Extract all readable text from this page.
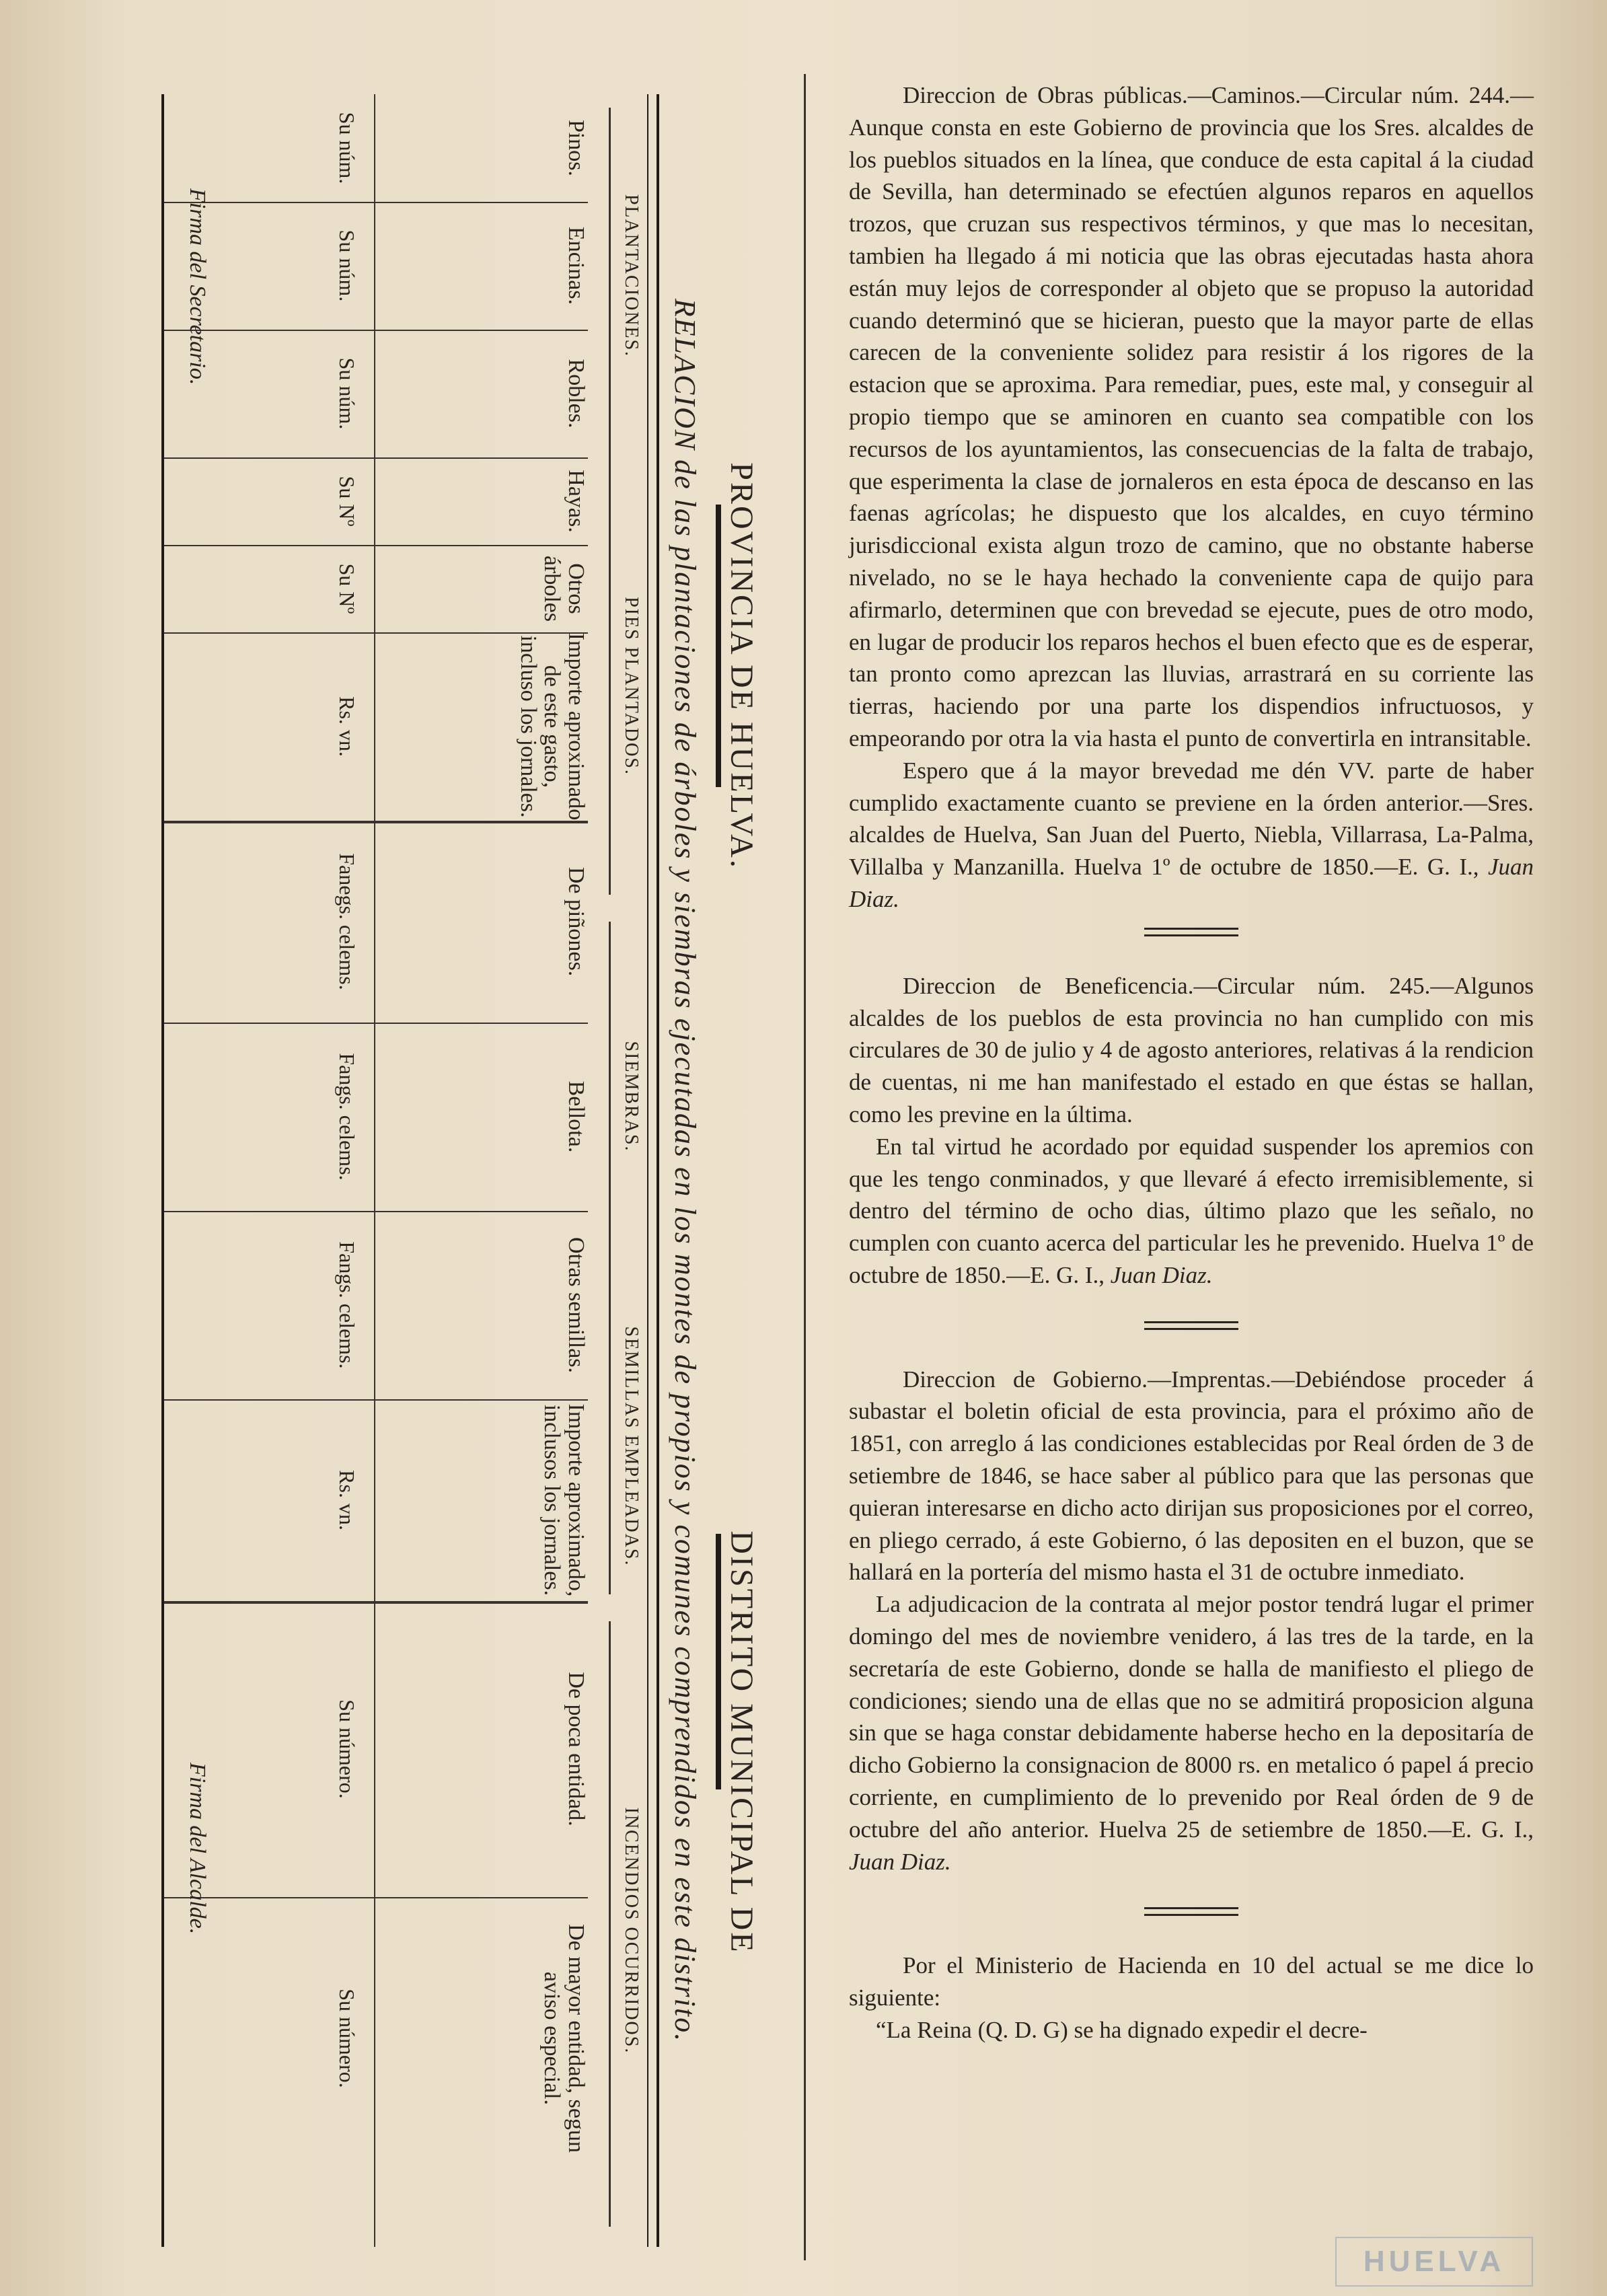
PROVINCIA DE HUELVA.
DISTRITO MUNICIPAL DE
RELACION de las plantaciones de árboles y siembras ejecutadas en los montes de propios y comunes comprendidos en este distrito.
PLANTACIONES.
PIES PLANTADOS.
SIEMBRAS.
SEMILLAS EMPLEADAS.
INCENDIOS OCURRIDOS.
Pinos.
Su núm.
Encinas.
Su núm.
Robles.
Su núm.
Hayas.
Su Nº
Otros árboles
Su Nº
Importe aproximado de este gasto, incluso los jornales.
Rs. vn.
De piñones.
Fanegs. celems.
Bellota.
Fangs. celems.
Otras semillas.
Fangs. celems.
Importe aproximado, inclusos los jornales.
Rs. vn.
De poca entidad.
Su número.
De mayor entidad, segun aviso especial.
Su número.
Firma del Secretario.
Firma del Alcalde.

Direccion de Obras públicas.—Caminos.—Circular núm. 244.—Aunque consta en este Gobierno de provincia que los Sres. alcaldes de los pueblos situados en la línea, que conduce de esta capital á la ciudad de Sevilla, han determinado se efectúen algunos reparos en aquellos trozos, que cruzan sus respectivos términos, y que mas lo necesitan, tambien ha llegado á mi noticia que las obras ejecutadas hasta ahora están muy lejos de corresponder al objeto que se propuso la autoridad cuando determinó que se hicieran, puesto que la mayor parte de ellas carecen de la conveniente solidez para resistir á los rigores de la estacion que se aproxima. Para remediar, pues, este mal, y conseguir al propio tiempo que se aminoren en cuanto sea compatible con los recursos de los ayuntamientos, las consecuencias de la falta de trabajo, que esperimenta la clase de jornaleros en esta época de descanso en las faenas agrícolas; he dispuesto que los alcaldes, en cuyo término jurisdiccional exista algun trozo de camino, que no obstante haberse nivelado, no se le haya hechado la conveniente capa de quijo para afirmarlo, determinen que con brevedad se ejecute, pues de otro modo, en lugar de producir los reparos hechos el buen efecto que es de esperar, tan pronto como aprezcan las lluvias, arrastrará en su corriente las tierras, haciendo por una parte los dispendios infructuosos, y empeorando por otra la via hasta el punto de convertirla en intransitable.

Espero que á la mayor brevedad me dén VV. parte de haber cumplido exactamente cuanto se previene en la órden anterior.—Sres. alcaldes de Huelva, San Juan del Puerto, Niebla, Villarrasa, La-Palma, Villalba y Manzanilla. Huelva 1º de octubre de 1850.—E. G. I., Juan Diaz.

Direccion de Beneficencia.—Circular núm. 245.—Algunos alcaldes de los pueblos de esta provincia no han cumplido con mis circulares de 30 de julio y 4 de agosto anteriores, relativas á la rendicion de cuentas, ni me han manifestado el estado en que éstas se hallan, como les previne en la última.

En tal virtud he acordado por equidad suspender los apremios con que les tengo conminados, y que llevaré á efecto irremisiblemente, si dentro del término de ocho dias, último plazo que les señalo, no cumplen con cuanto acerca del particular les he prevenido. Huelva 1º de octubre de 1850.—E. G. I., Juan Diaz.

Direccion de Gobierno.—Imprentas.—Debiéndose proceder á subastar el boletin oficial de esta provincia, para el próximo año de 1851, con arreglo á las condiciones establecidas por Real órden de 3 de setiembre de 1846, se hace saber al público para que las personas que quieran interesarse en dicho acto dirijan sus proposiciones por el correo, en pliego cerrado, á este Gobierno, ó las depositen en el buzon, que se hallará en la portería del mismo hasta el 31 de octubre inmediato.

La adjudicacion de la contrata al mejor postor tendrá lugar el primer domingo del mes de noviembre venidero, á las tres de la tarde, en la secretaría de este Gobierno, donde se halla de manifiesto el pliego de condiciones; siendo una de ellas que no se admitirá proposicion alguna sin que se haga constar debidamente haberse hecho en la depositaría de dicho Gobierno la consignacion de 8000 rs. en metalico ó papel á precio corriente, en cumplimiento de lo prevenido por Real órden de 9 de octubre del año anterior. Huelva 25 de setiembre de 1850.—E. G. I., Juan Diaz.

Por el Ministerio de Hacienda en 10 del actual se me dice lo siguiente:

“La Reina (Q. D. G) se ha dignado expedir el decre-

HUELVA
